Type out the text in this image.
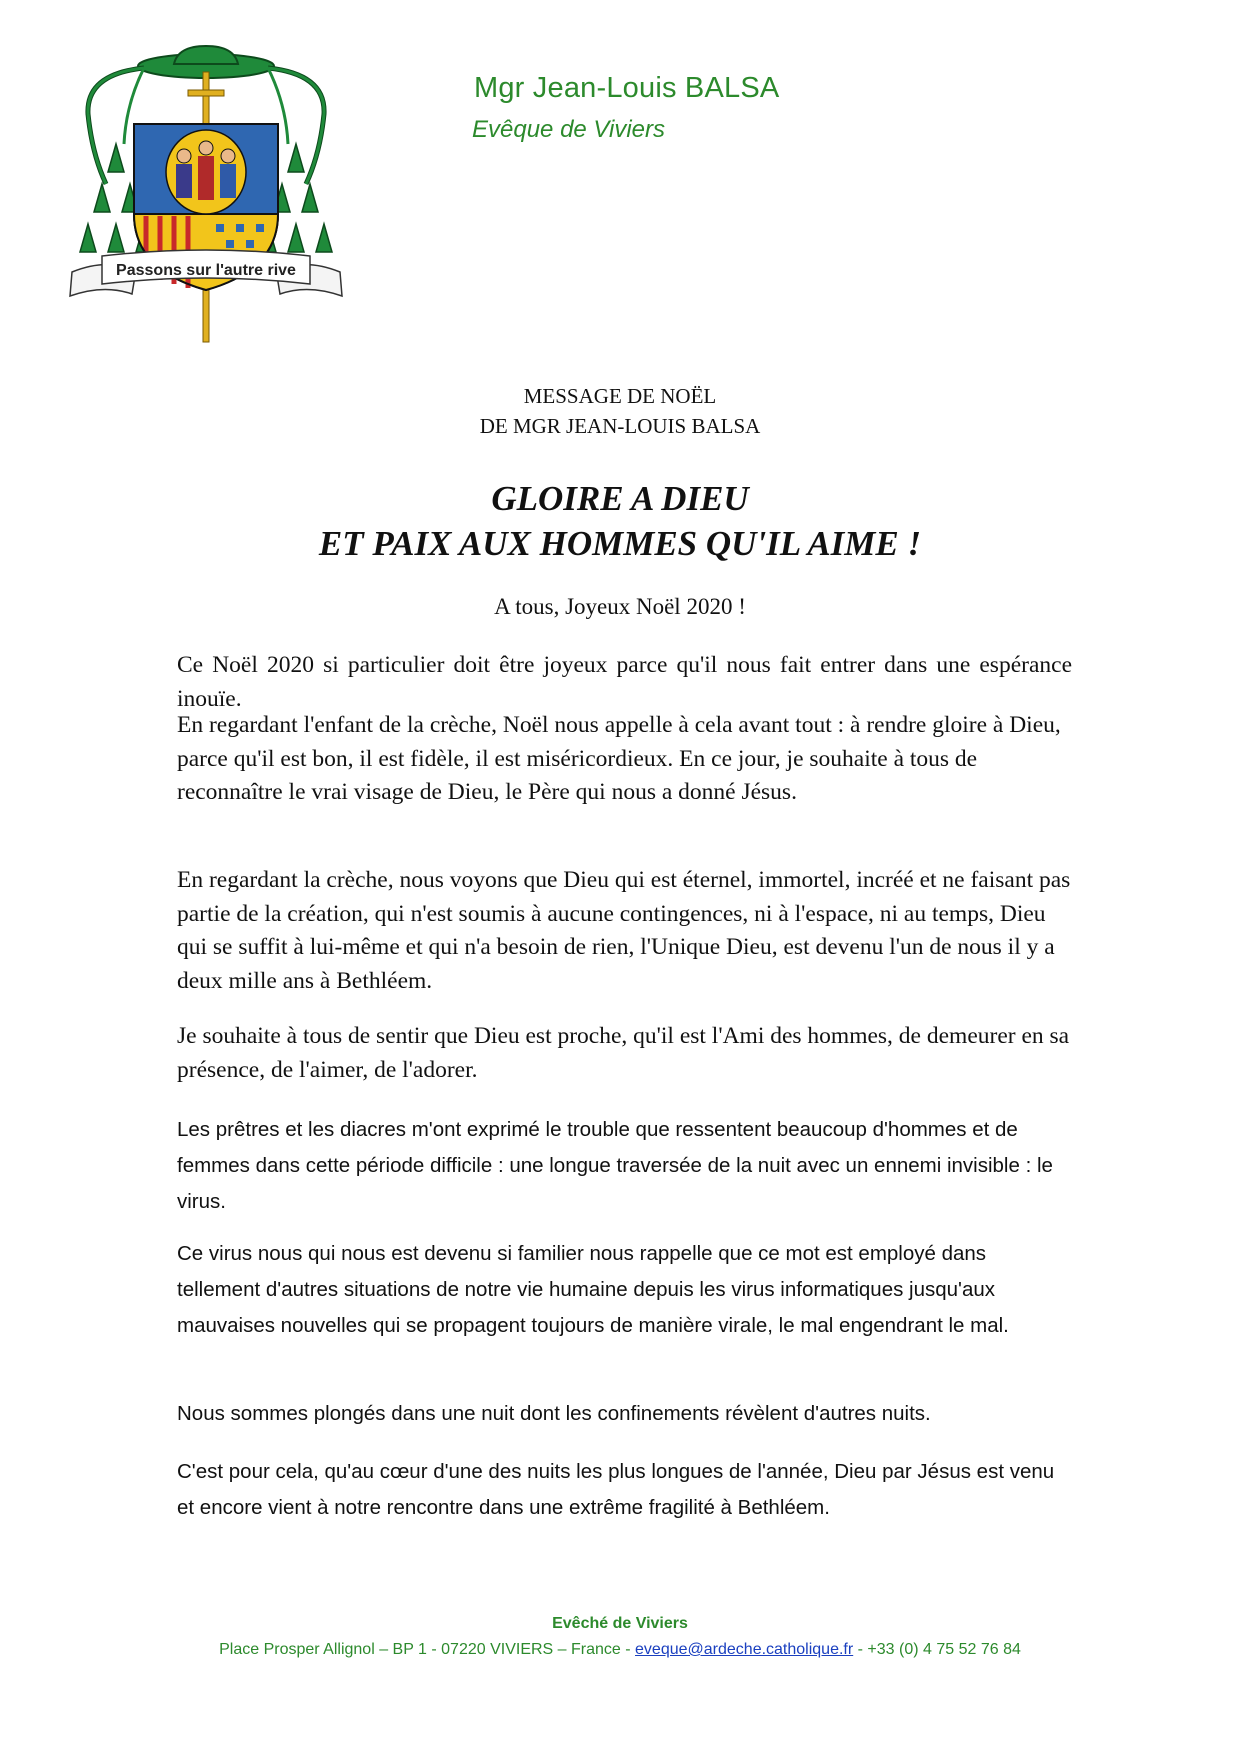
Passons sur l'autre rive
Mgr Jean-Louis BALSA
Evêque de Viviers
MESSAGE DE NOËL
DE MGR JEAN-LOUIS BALSA
GLOIRE A DIEU
ET PAIX AUX HOMMES QU'IL AIME !
A tous, Joyeux Noël 2020 !

Ce Noël 2020 si particulier doit être joyeux parce qu'il nous fait entrer dans une espérance inouïe.

En regardant l'enfant de la crèche, Noël nous appelle à cela avant tout : à rendre gloire à Dieu, parce qu'il est bon, il est fidèle, il est miséricordieux. En ce jour, je souhaite à tous de reconnaître le vrai visage de Dieu, le Père qui nous a donné Jésus.

En regardant la crèche, nous voyons que Dieu qui est éternel, immortel, incréé et ne faisant pas partie de la création, qui n'est soumis à aucune contingences, ni à l'espace, ni au temps, Dieu qui se suffit à lui-même et qui n'a besoin de rien, l'Unique Dieu, est devenu l'un de nous il y a deux mille ans à Bethléem.

Je souhaite à tous de sentir que Dieu est proche, qu'il est l'Ami des hommes, de demeurer en sa présence, de l'aimer, de l'adorer.

Les prêtres et les diacres m'ont exprimé le trouble que ressentent beaucoup d'hommes et de femmes dans cette période difficile : une longue traversée de la nuit avec un ennemi invisible : le virus.

Ce virus nous qui nous est devenu si familier nous rappelle que ce mot est employé dans tellement d'autres situations de notre vie humaine depuis les virus informatiques jusqu'aux mauvaises nouvelles qui se propagent toujours de manière virale, le mal engendrant le mal.

Nous sommes plongés dans une nuit dont les confinements révèlent d'autres nuits.

C'est pour cela, qu'au cœur d'une des nuits les plus longues de l'année, Dieu par Jésus est venu et encore vient à notre rencontre dans une extrême fragilité à Bethléem.

Evêché de Viviers
Place Prosper Allignol – BP 1 - 07220 VIVIERS – France - eveque@ardeche.catholique.fr - +33 (0) 4 75 52 76 84
